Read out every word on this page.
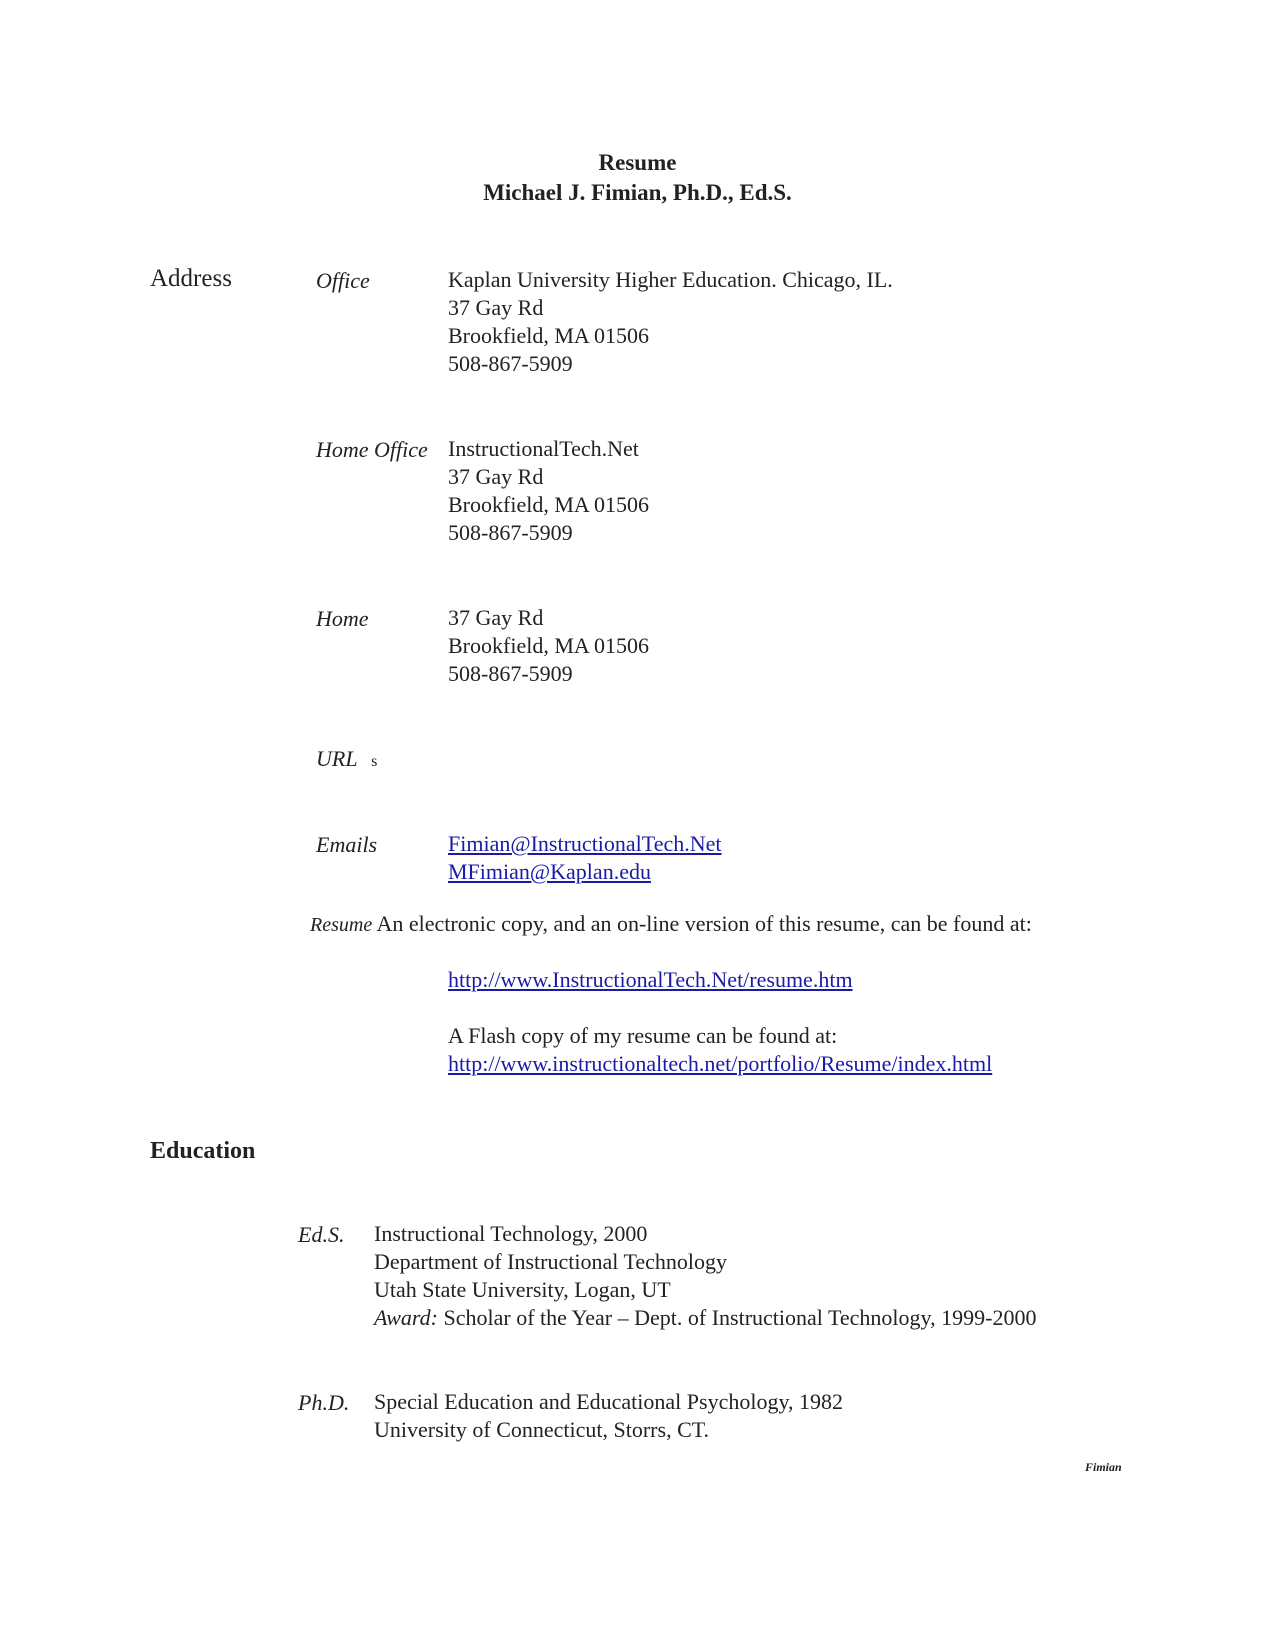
Resume
Michael J. Fimian, Ph.D., Ed.S.
Address	Office	Kaplan University Higher Education. Chicago, IL.
37 Gay Rd
Brookfield, MA 01506
508-867-5909
Home Office InstructionalTech.Net
37 Gay Rd
Brookfield, MA 01506
508-867-5909
Home	37 Gay Rd
Brookfield, MA 01506
508-867-5909
URL s
Emails	Fimian@InstructionalTech.Net
MFimian@Kaplan.edu
Resume An electronic copy, and an on-line version of this resume, can be found at:
http://www.InstructionalTech.Net/resume.htm
A Flash copy of my resume can be found at:
http://www.instructionaltech.net/portfolio/Resume/index.html
Education
Ed.S. Instructional Technology, 2000
Department of Instructional Technology
Utah State University, Logan, UT
Award: Scholar of the Year – Dept. of Instructional Technology, 1999-2000
Ph.D. Special Education and Educational Psychology, 1982
University of Connecticut, Storrs, CT.
Fimian
